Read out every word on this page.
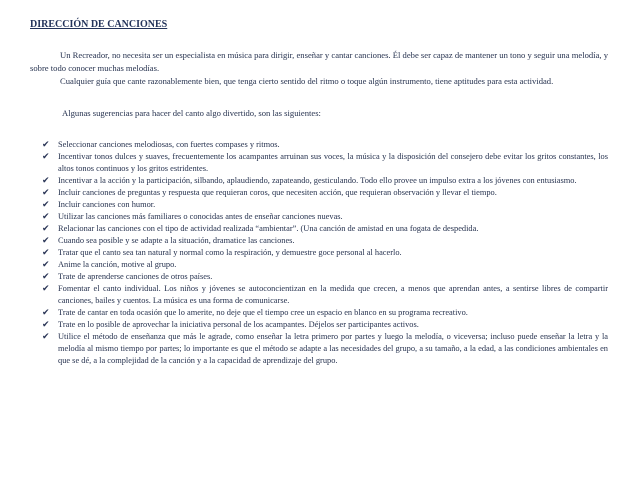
DIRECCIÓN DE CANCIONES
Un Recreador, no necesita ser un especialista en música para dirigir, enseñar y cantar canciones. Él debe ser capaz de mantener un tono y seguir una melodía, y sobre todo conocer muchas melodías.
Cualquier guía que cante razonablemente bien, que tenga cierto sentido del ritmo o toque algún instrumento, tiene aptitudes para esta actividad.
Algunas sugerencias para hacer del canto algo divertido, son las siguientes:
✔	Seleccionar canciones melodiosas, con fuertes compases y ritmos.
✔	Incentivar tonos dulces y suaves, frecuentemente los acampantes arruinan sus voces, la música y la disposición del consejero debe evitar los gritos constantes, los altos tonos continuos y los gritos estridentes.
✔	Incentivar a la acción y la participación, silbando, aplaudiendo, zapateando, gesticulando. Todo ello provee un impulso extra a los jóvenes con entusiasmo.
✔	Incluir canciones de preguntas y respuesta que requieran coros, que necesiten acción, que requieran observación y llevar el tiempo.
✔	Incluir canciones con humor.
✔	Utilizar las canciones más familiares o conocidas antes de enseñar canciones nuevas.
✔	Relacionar las canciones con el tipo de actividad realizada “ambientar”. (Una canción de amistad en una fogata de despedida.
✔	Cuando sea posible y se adapte a la situación, dramatice las canciones.
✔	Tratar que el canto sea tan natural y normal como la respiración, y demuestre goce personal al hacerlo.
✔	Anime la canción, motive al grupo.
✔	Trate de aprenderse canciones de otros países.
✔	Fomentar el canto individual. Los niños y jóvenes se autoconcientizan en la medida que crecen, a menos que aprendan antes, a sentirse libres de compartir canciones, bailes y cuentos. La música es una forma de comunicarse.
✔	Trate de cantar en toda ocasión que lo amerite, no deje que el tiempo cree un espacio en blanco en su programa recreativo.
✔	Trate en lo posible de aprovechar la iniciativa personal de los acampantes. Déjelos ser participantes activos.
✔	Utilice el método de enseñanza que más le agrade, como enseñar la letra primero por partes y luego la melodía, o viceversa; incluso puede enseñar la letra y la melodía al mismo tiempo por partes; lo importante es que el método se adapte a las necesidades del grupo, a su tamaño, a la edad, a las condiciones ambientales en que se dé, a la complejidad de la canción y a la capacidad de aprendizaje del grupo.
